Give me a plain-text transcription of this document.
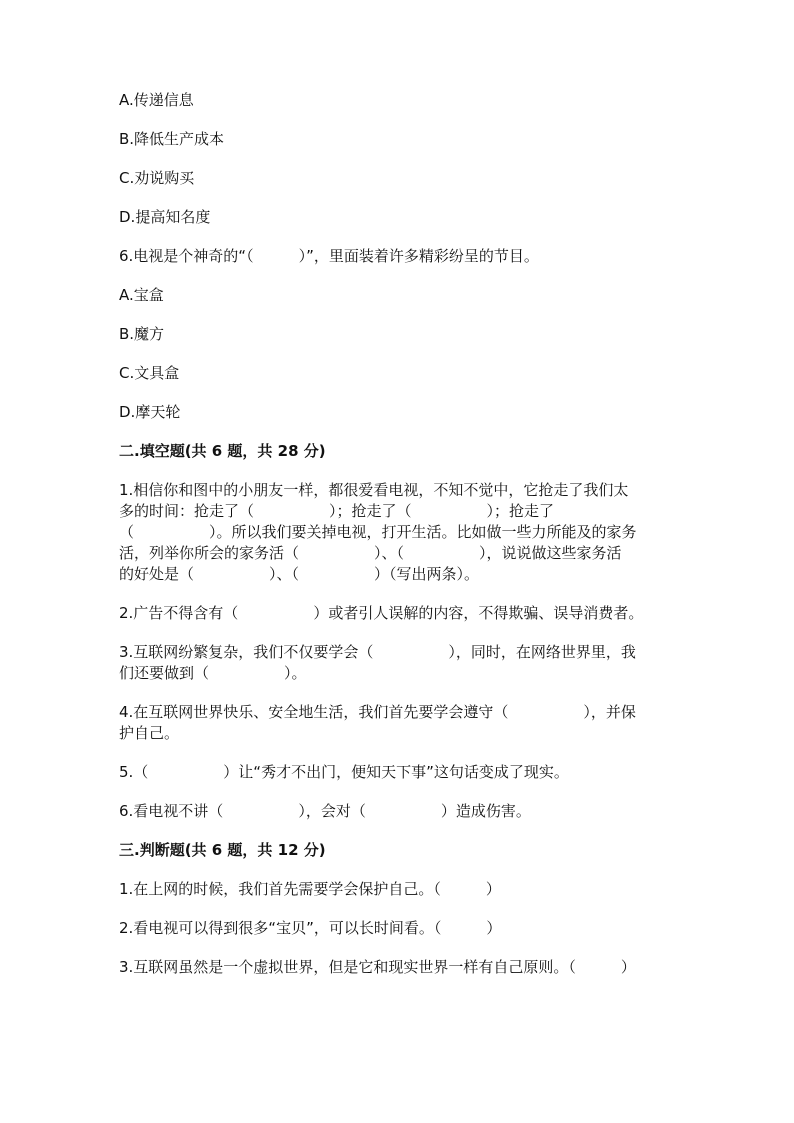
A.传递信息

B.降低生产成本

C.劝说购买

D.提高知名度

6.电视是个神奇的“（　　　）”，里面装着许多精彩纷呈的节目。

A.宝盒

B.魔方

C.文具盒

D.摩天轮

二.填空题(共 6 题，共 28 分)

1.相信你和图中的小朋友一样，都很爱看电视，不知不觉中，它抢走了我们太

多的时间：抢走了（　　　　　）；抢走了（　　　　　）；抢走了

（　　　　　）。所以我们要关掉电视，打开生活。比如做一些力所能及的家务

活，列举你所会的家务活（　　　　　）、（　　　　　），说说做这些家务活

的好处是（　　　　　）、（　　　　　）（写出两条）。

2.广告不得含有（　　　　　）或者引人误解的内容，不得欺骗、误导消费者。

3.互联网纷繁复杂，我们不仅要学会（　　　　　），同时，在网络世界里，我

们还要做到（　　　　　）。

4.在互联网世界快乐、安全地生活，我们首先要学会遵守（　　　　　），并保

护自己。

5.（　　　　　）让“秀才不出门，便知天下事”这句话变成了现实。

6.看电视不讲（　　　　　），会对（　　　　　）造成伤害。

三.判断题(共 6 题，共 12 分)

1.在上网的时候，我们首先需要学会保护自己。（　　　）

2.看电视可以得到很多“宝贝”，可以长时间看。（　　　）

3.互联网虽然是一个虚拟世界，但是它和现实世界一样有自己原则。（　　　）
